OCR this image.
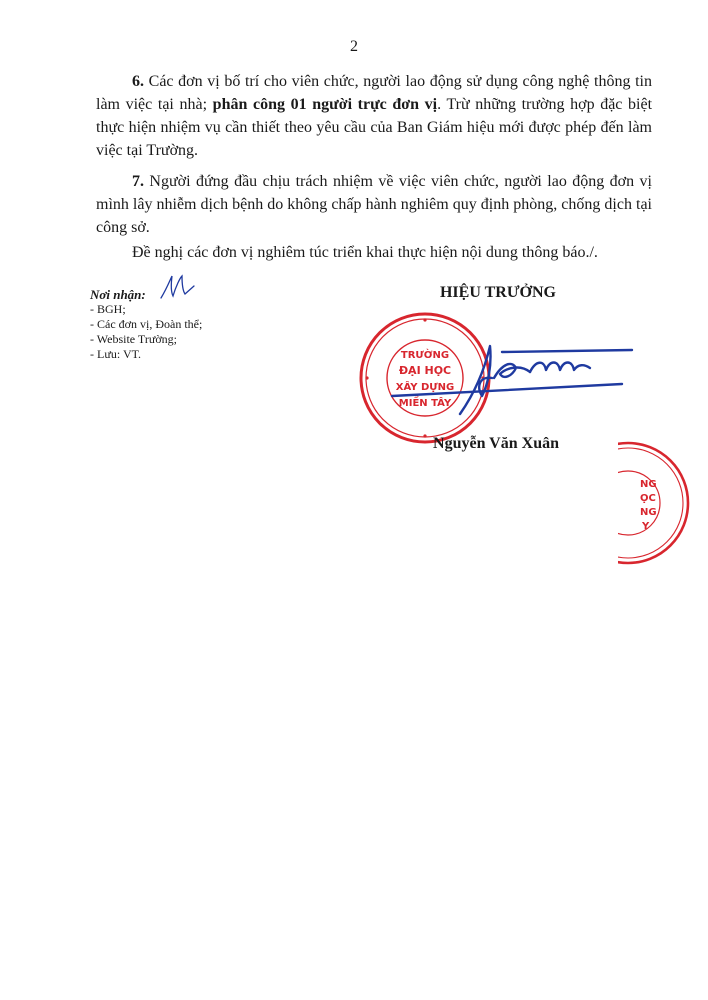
2
6. Các đơn vị bố trí cho viên chức, người lao động sử dụng công nghệ thông tin làm việc tại nhà; phân công 01 người trực đơn vị. Trừ những trường hợp đặc biệt thực hiện nhiệm vụ cần thiết theo yêu cầu của Ban Giám hiệu mới được phép đến làm việc tại Trường.
7. Người đứng đầu chịu trách nhiệm về việc viên chức, người lao động đơn vị mình lây nhiễm dịch bệnh do không chấp hành nghiêm quy định phòng, chống dịch tại công sở.
Đề nghị các đơn vị nghiêm túc triển khai thực hiện nội dung thông báo./.
Nơi nhận:
- BGH;
- Các đơn vị, Đoàn thể;
- Website Trường;
- Lưu: VT.
HIỆU TRƯỞNG
TRƯỜNG
ĐẠI HỌC
XÂY DỰNG
MIỀN TÂY
Nguyễn Văn Xuân
NG
ỌC
NG
Y
